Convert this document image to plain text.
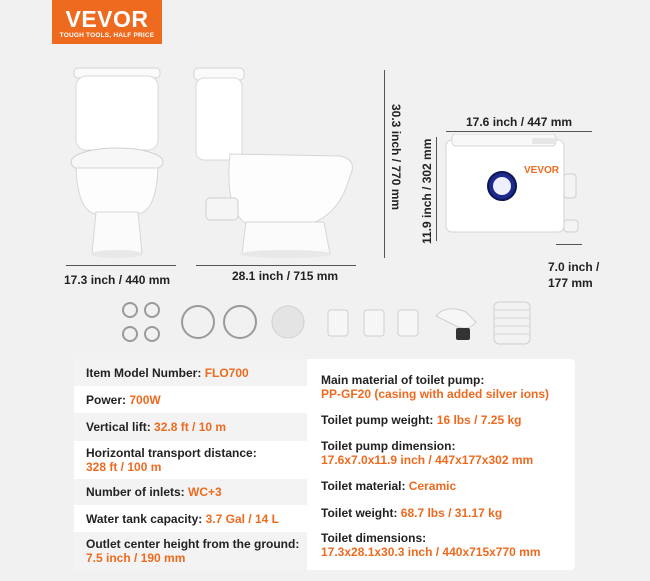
VEVOR
TOUGH TOOLS, HALF PRICE
17.3 inch / 440 mm	28.1 inch / 715 mm
30.3 inch / 770 mm	17.6 inch / 447 mm
11.9 inch / 302 mm	VEVOR
7.0 inch /
177 mm
Item Model Number: FLO700
Power: 700W
Vertical lift: 32.8 ft / 10 m
Horizontal transport distance:
328 ft / 100 m
Number of inlets: WC+3
Water tank capacity: 3.7 Gal / 14 L
Outlet center height from the ground:
7.5 inch / 190 mm
Main material of toilet pump:
PP-GF20 (casing with added silver ions)
Toilet pump weight: 16 lbs / 7.25 kg
Toilet pump dimension:
17.6x7.0x11.9 inch / 447x177x302 mm
Toilet material: Ceramic
Toilet weight: 68.7 lbs / 31.17 kg
Toilet dimensions:
17.3x28.1x30.3 inch / 440x715x770 mm
